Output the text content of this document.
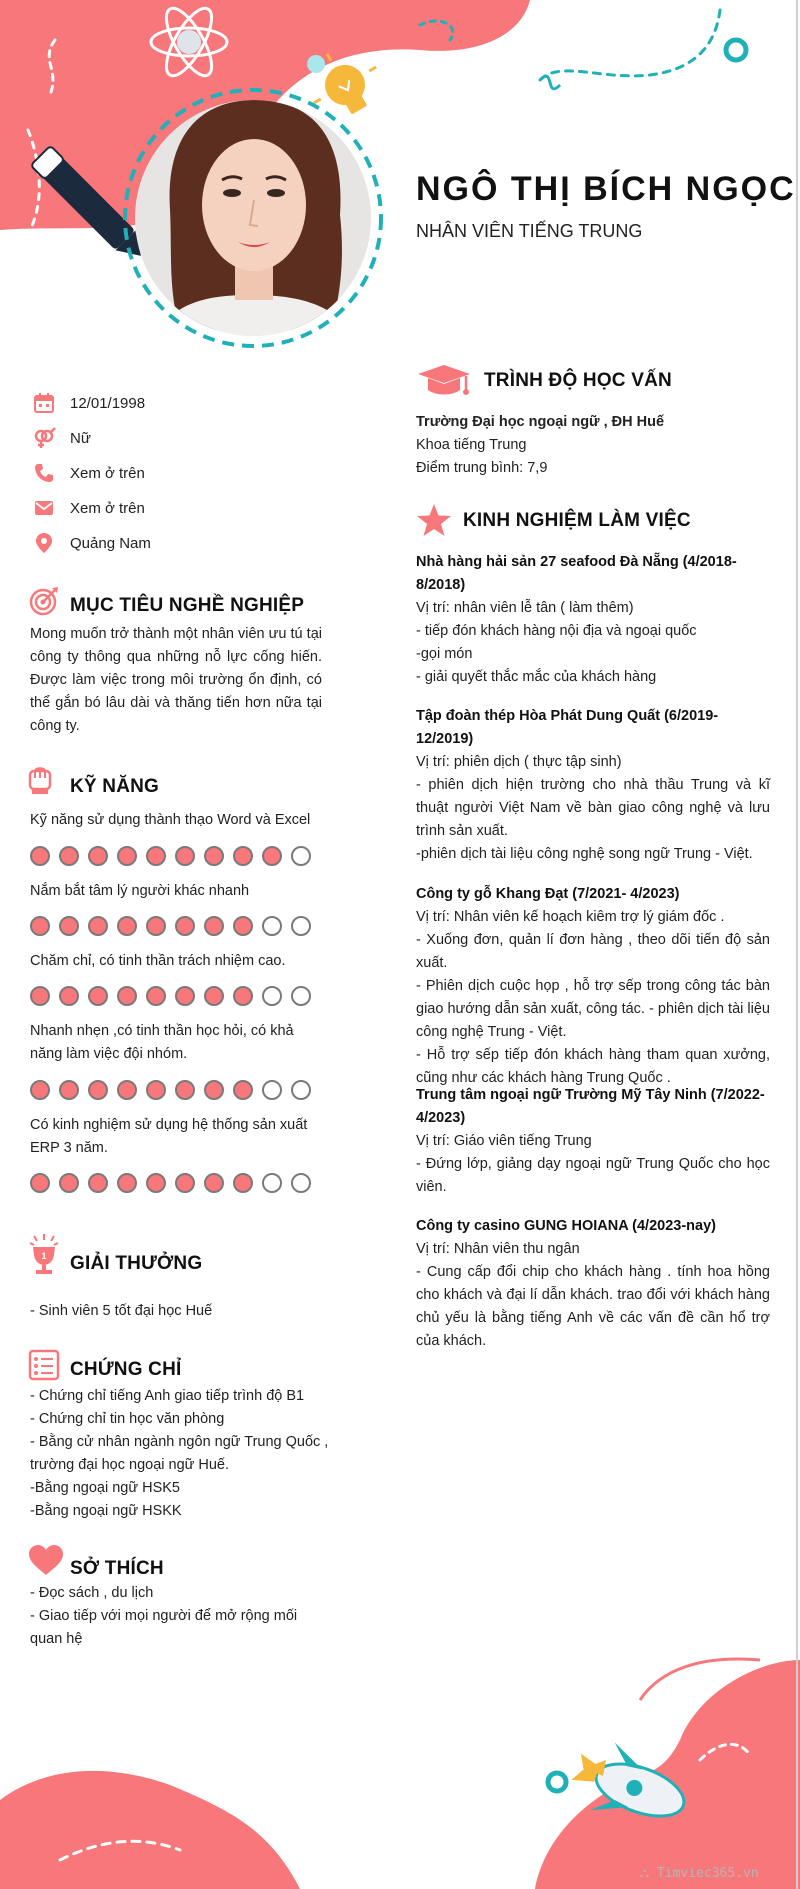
NGÔ THỊ BÍCH NGỌC
NHÂN VIÊN TIẾNG TRUNG
12/01/1998
Nữ
Xem ở trên
Xem ở trên
Quảng Nam
MỤC TIÊU NGHỀ NGHIỆP
Mong muốn trở thành một nhân viên ưu tú tại công ty thông qua những nỗ lực cống hiến. Được làm việc trong môi trường ổn định, có thể gắn bó lâu dài và thăng tiến hơn nữa tại công ty.
KỸ NĂNG
Kỹ năng sử dụng thành thạo Word và Excel
Nắm bắt tâm lý người khác nhanh
Chăm chỉ, có tinh thần trách nhiệm cao.
Nhanh nhẹn ,có tinh thần học hỏi, có khả năng làm việc đội nhóm.
Có kinh nghiệm sử dụng hệ thống sản xuất ERP 3 năm.
1 GIẢI THƯỞNG
- Sinh viên 5 tốt đại học Huế
CHỨNG CHỈ
- Chứng chỉ tiếng Anh giao tiếp trình độ B1
- Chứng chỉ tin học văn phòng
- Bằng cử nhân ngành ngôn ngữ Trung Quốc , trường đại học ngoại ngữ Huế.
-Bằng ngoại ngữ HSK5
-Bằng ngoại ngữ HSKK
SỞ THÍCH
- Đọc sách , du lịch
- Giao tiếp với mọi người để mở rộng mối quan hệ
TRÌNH ĐỘ HỌC VẤN
Trường Đại học ngoại ngữ , ĐH Huế
Khoa tiếng Trung
Điểm trung bình: 7,9
KINH NGHIỆM LÀM VIỆC
Nhà hàng hải sản 27 seafood Đà Nẵng (4/2018-8/2018)
Vị trí: nhân viên lễ tân ( làm thêm)
- tiếp đón khách hàng nội địa và ngoại quốc
-gọi món
- giải quyết thắc mắc của khách hàng
Tập đoàn thép Hòa Phát Dung Quất (6/2019-12/2019)
Vị trí: phiên dịch ( thực tập sinh)
- phiên dịch hiện trường cho nhà thầu Trung và kĩ thuật người Việt Nam về bàn giao công nghệ và lưu trình sản xuất.
-phiên dịch tài liệu công nghệ song ngữ Trung - Việt.
Công ty gỗ Khang Đạt (7/2021- 4/2023)
Vị trí: Nhân viên kế hoạch kiêm trợ lý giám đốc .
- Xuống đơn, quản lí đơn hàng , theo dõi tiến độ sản xuất.
- Phiên dịch cuộc họp , hỗ trợ sếp trong công tác bàn giao hướng dẫn sản xuất, công tác. - phiên dịch tài liệu công nghệ Trung - Việt.
- Hỗ trợ sếp tiếp đón khách hàng tham quan xưởng, cũng như các khách hàng Trung Quốc .
Trung tâm ngoại ngữ Trường Mỹ Tây Ninh (7/2022- 4/2023)
Vị trí: Giáo viên tiếng Trung
- Đứng lớp, giảng dạy ngoại ngữ Trung Quốc cho học viên.
Công ty casino GUNG HOIANA (4/2023-nay)
Vị trí: Nhân viên thu ngân
- Cung cấp đổi chip cho khách hàng . tính hoa hồng cho khách và đại lí dẫn khách. trao đổi với khách hàng chủ yếu là bằng tiếng Anh về các vấn đề cần hổ trợ của khách.
⛬ Timviec365.vn
